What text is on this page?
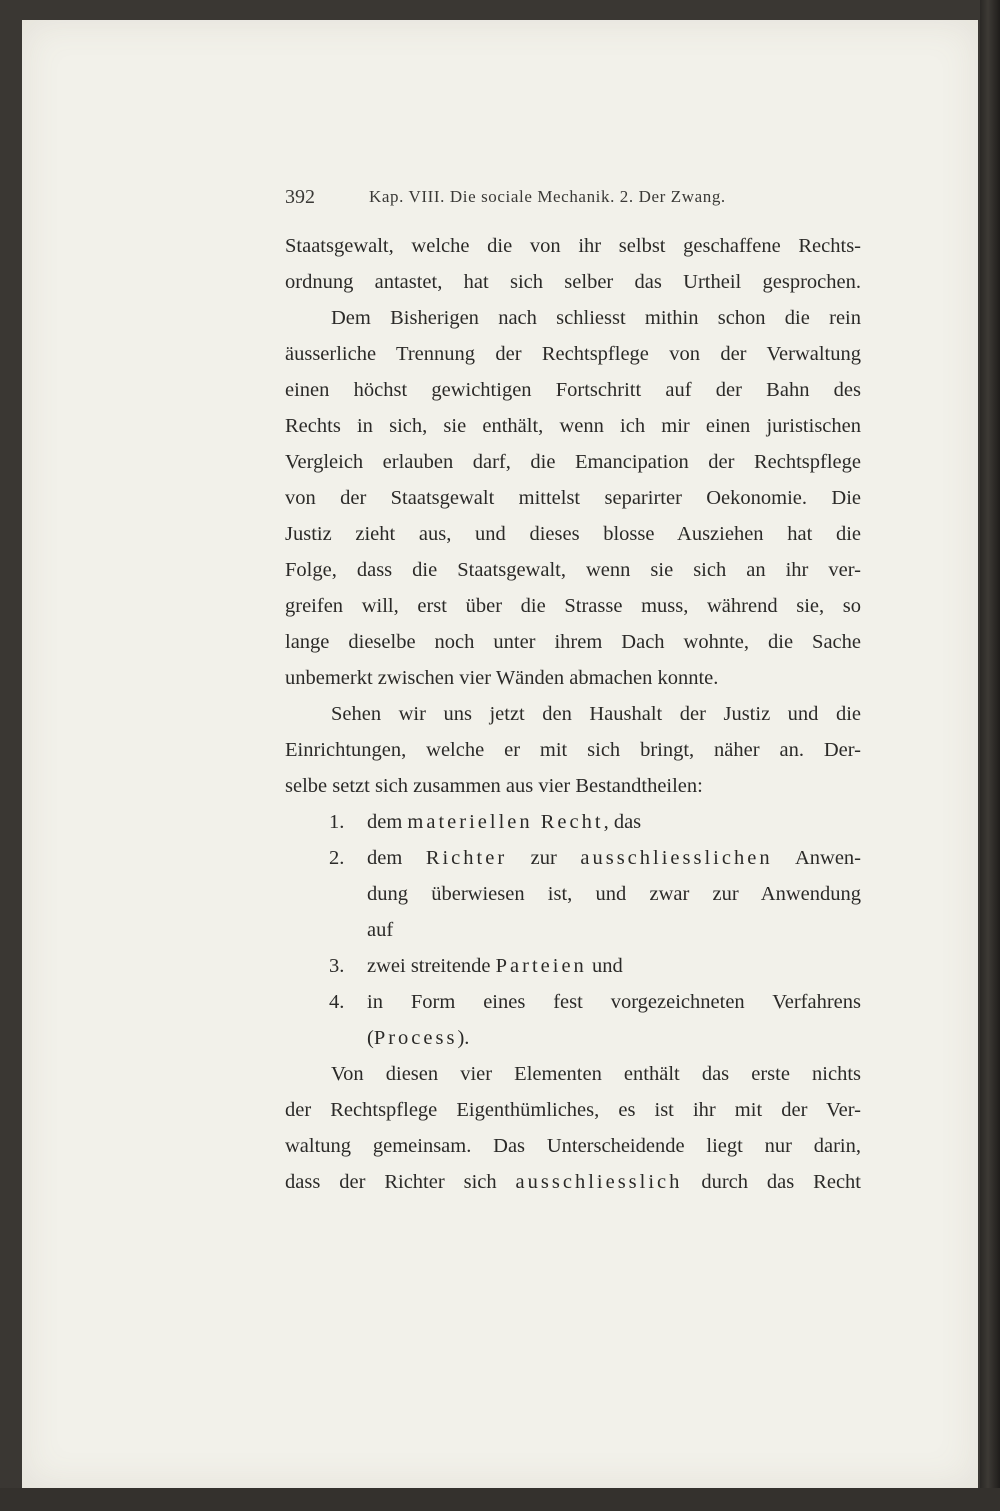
392	Kap. VIII. Die sociale Mechanik. 2. Der Zwang.
Staatsgewalt, welche die von ihr selbst geschaffene Rechts-
ordnung antastet, hat sich selber das Urtheil gesprochen.
Dem Bisherigen nach schliesst mithin schon die rein
äusserliche Trennung der Rechtspflege von der Verwaltung
einen höchst gewichtigen Fortschritt auf der Bahn des
Rechts in sich, sie enthält, wenn ich mir einen juristischen
Vergleich erlauben darf, die Emancipation der Rechtspflege
von der Staatsgewalt mittelst separirter Oekonomie. Die
Justiz zieht aus, und dieses blosse Ausziehen hat die
Folge, dass die Staatsgewalt, wenn sie sich an ihr ver-
greifen will, erst über die Strasse muss, während sie, so
lange dieselbe noch unter ihrem Dach wohnte, die Sache
unbemerkt zwischen vier Wänden abmachen konnte.
Sehen wir uns jetzt den Haushalt der Justiz und die
Einrichtungen, welche er mit sich bringt, näher an. Der-
selbe setzt sich zusammen aus vier Bestandtheilen:
1. dem materiellen Recht, das
2. dem Richter zur ausschliesslichen Anwen-
dung überwiesen ist, und zwar zur Anwendung
auf
3. zwei streitende Parteien und
4. in Form eines fest vorgezeichneten Verfahrens
(Process).
Von diesen vier Elementen enthält das erste nichts
der Rechtspflege Eigenthümliches, es ist ihr mit der Ver-
waltung gemeinsam. Das Unterscheidende liegt nur darin,
dass der Richter sich ausschliesslich durch das Recht
